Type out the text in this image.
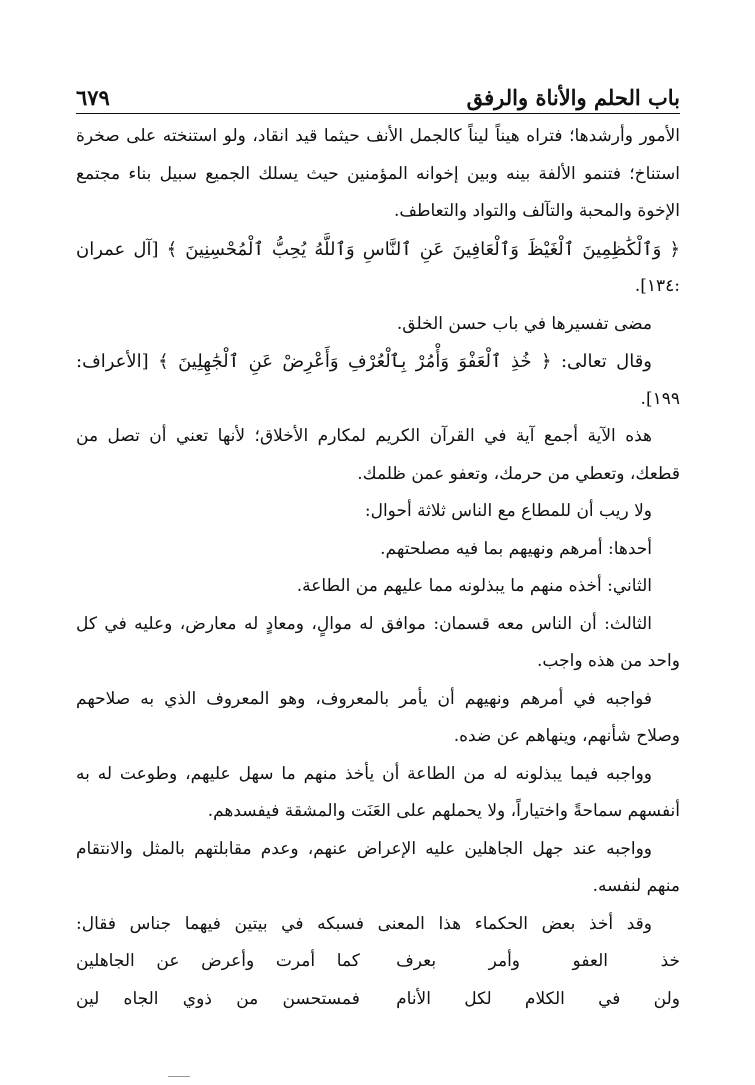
باب الحلم والأناة والرفق
٦٧٩
الأمور وأرشدها؛ فتراه هيناً ليناً كالجمل الأنف حيثما قيد انقاد، ولو استنخته على صخرة
استناخ؛ فتنمو الألفة بينه وبين إخوانه المؤمنين حيث يسلك الجميع سبيل بناء مجتمع
الإخوة والمحبة والتآلف والتواد والتعاطف.
﴿ وَٱلْكَٰظِمِينَ ٱلْغَيْظَ وَٱلْعَافِينَ عَنِ ٱلنَّاسِ وَٱللَّهُ يُحِبُّ ٱلْمُحْسِنِينَ ﴾ [آل عمران
:١٣٤].
مضى تفسيرها في باب حسن الخلق.
وقال تعالى: ﴿ خُذِ ٱلْعَفْوَ وَأْمُرْ بِٱلْعُرْفِ وَأَعْرِضْ عَنِ ٱلْجَٰهِلِينَ ﴾ [الأعراف:
١٩٩].
هذه الآية أجمع آية في القرآن الكريم لمكارم الأخلاق؛ لأنها تعني أن تصل من
قطعك، وتعطي من حرمك، وتعفو عمن ظلمك.
ولا ريب أن للمطاع مع الناس ثلاثة أحوال:
أحدها: أمرهم ونهيهم بما فيه مصلحتهم.
الثاني: أخذه منهم ما يبذلونه مما عليهم من الطاعة.
الثالث: أن الناس معه قسمان: موافق له موالٍ، ومعادٍ له معارض، وعليه في كل
واحد من هذه واجب.
فواجبه في أمرهم ونهيهم أن يأمر بالمعروف، وهو المعروف الذي به صلاحهم
وصلاح شأنهم، وينهاهم عن ضده.
وواجبه فيما يبذلونه له من الطاعة أن يأخذ منهم ما سهل عليهم، وطوعت له به
أنفسهم سماحةً واختياراً، ولا يحملهم على العَنَت والمشقة فيفسدهم.
وواجبه عند جهل الجاهلين عليه الإعراض عنهم، وعدم مقابلتهم بالمثل والانتقام
منهم لنفسه.
وقد أخذ بعض الحكماء هذا المعنى فسبكه في بيتين فيهما جناس فقال:
خذ العفو وأمر بعرف
كما أمرت وأعرض عن الجاهلين
ولن في الكلام لكل الأنام
فمستحسن من ذوي الجاه لين
